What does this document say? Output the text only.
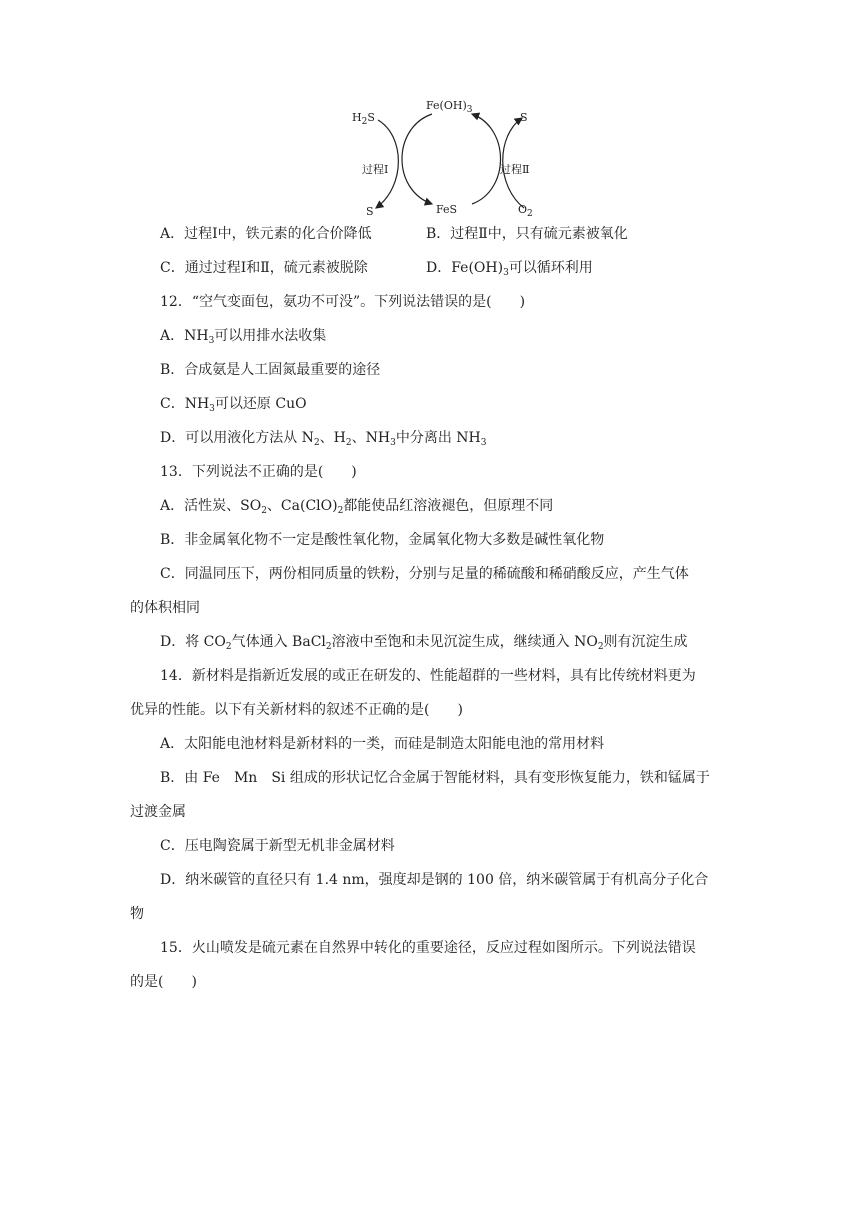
$Fe(OH)_3$
$H_2S$	S
过程Ⅰ	过程Ⅱ
S	FeS	$O_2$
A．过程Ⅰ中，铁元素的化合价降低	B．过程Ⅱ中，只有硫元素被氧化
C．通过过程Ⅰ和Ⅱ，硫元素被脱除	D．$Fe(OH)_3$可以循环利用
12．“空气变面包，氨功不可没”。下列说法错误的是(　　)
A．$NH_3$可以用排水法收集
B．合成氨是人工固氮最重要的途径
C．$NH_3$可以还原 CuO
D．可以用液化方法从 $N_2$、$H_2$、$NH_3$中分离出 $NH_3$
13．下列说法不正确的是(　　)
A．活性炭、$SO_2$、$Ca(ClO)_2$都能使品红溶液褪色，但原理不同
B．非金属氧化物不一定是酸性氧化物，金属氧化物大多数是碱性氧化物
C．同温同压下，两份相同质量的铁粉，分别与足量的稀硫酸和稀硝酸反应，产生气体
的体积相同
D．将 $CO_2$气体通入 BaCl$_2$溶液中至饱和未见沉淀生成，继续通入 $NO_2$则有沉淀生成
14．新材料是指新近发展的或正在研发的、性能超群的一些材料，具有比传统材料更为
优异的性能。以下有关新材料的叙述不正确的是(　　)
A．太阳能电池材料是新材料的一类，而硅是制造太阳能电池的常用材料
B．由 Fe　Mn　Si 组成的形状记忆合金属于智能材料，具有变形恢复能力，铁和锰属于
过渡金属
C．压电陶瓷属于新型无机非金属材料
D．纳米碳管的直径只有 1.4 nm，强度却是钢的 100 倍，纳米碳管属于有机高分子化合
物
15．火山喷发是硫元素在自然界中转化的重要途径，反应过程如图所示。下列说法错误
的是(　　)
